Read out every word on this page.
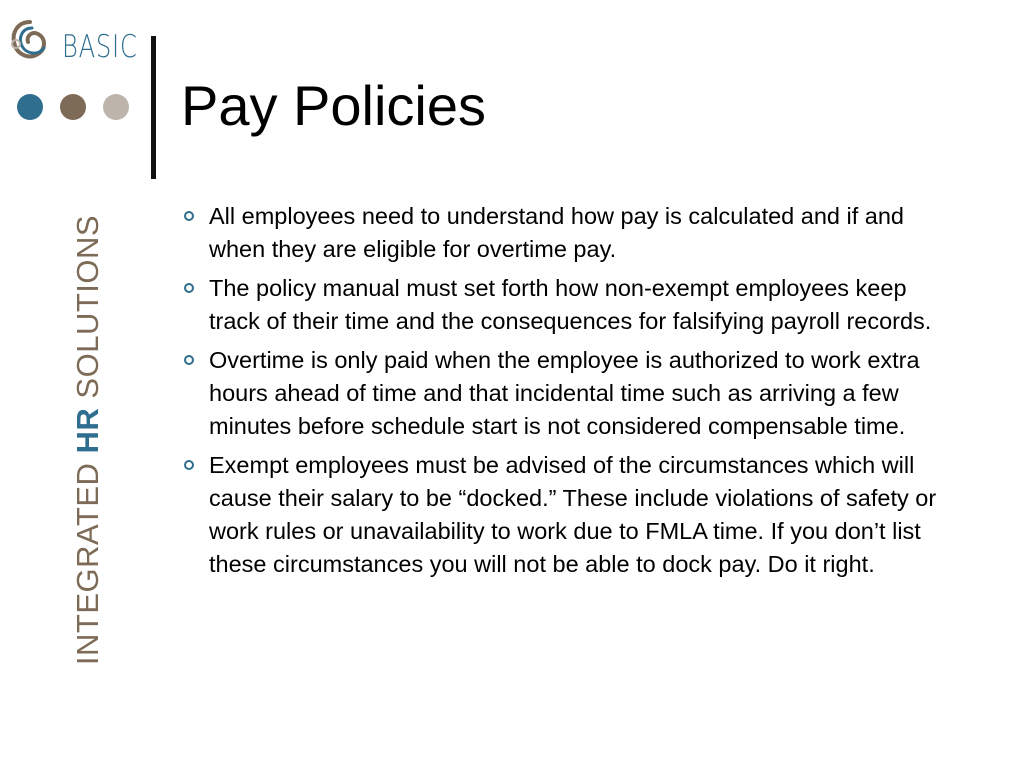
BASIC
INTEGRATED HR SOLUTIONS
Pay Policies
All employees need to understand how pay is calculated and if and when they are eligible for overtime pay.
The policy manual must set forth how non-exempt employees keep track of their time and the consequences for falsifying payroll records.
Overtime is only paid when the employee is authorized to work extra hours ahead of time and that incidental time such as arriving a few minutes before schedule start is not considered compensable time.
Exempt employees must be advised of the circumstances which will cause their salary to be “docked.” These include violations of safety or work rules or unavailability to work due to FMLA time. If you don’t list these circumstances you will not be able to dock pay. Do it right.
